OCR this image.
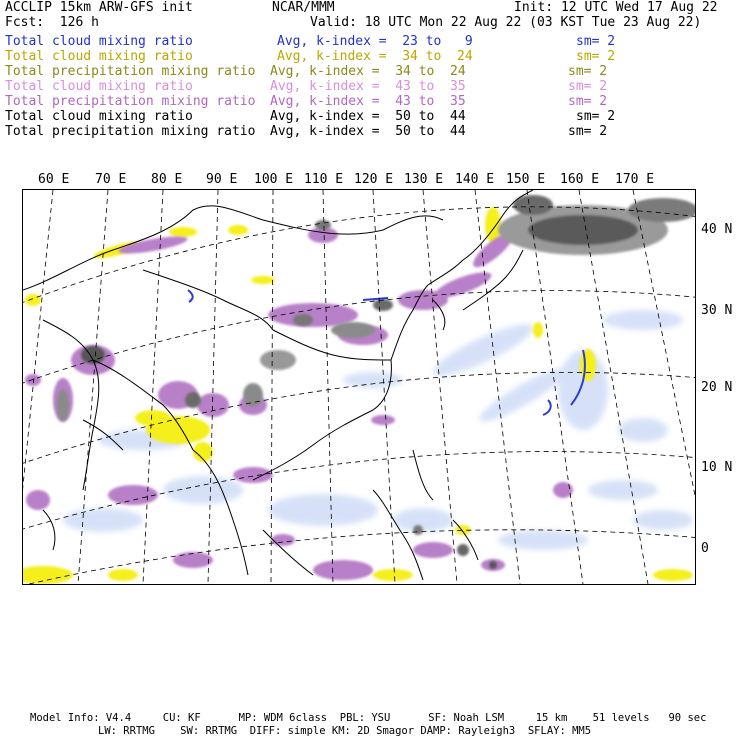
ACCLIP 15km ARW-GFS init	NCAR/MMM	Init: 12 UTC Wed 17 Aug 22
Fcst:  126 h	Valid: 18 UTC Mon 22 Aug 22 (03 KST Tue 23 Aug 22)
Total cloud mixing ratio	Avg, k-index =  23 to   9	sm= 2
Total cloud mixing ratio	Avg, k-index =  34 to  24	sm= 2
Total precipitation mixing ratio Avg, k-index =  34 to  24	sm= 2
Total cloud mixing ratio	Avg, k-index =  43 to  35	sm= 2
Total precipitation mixing ratio Avg, k-index =  43 to  35	sm= 2
Total cloud mixing ratio	Avg, k-index =  50 to  44	sm= 2
Total precipitation mixing ratio Avg, k-index =  50 to  44	sm= 2
60 E 70 E 80 E 90 E 100 E 110 E 120 E 130 E 140 E 150 E 160 E 170 E
40 N
30 N
20 N
10 N
0
Model Info: V4.4     CU: KF      MP: WDM 6class  PBL: YSU      SF: Noah LSM     15 km    51 levels   90 sec
LW: RRTMG    SW: RRTMG  DIFF: simple KM: 2D Smagor DAMP: Rayleigh3  SFLAY: MM5
